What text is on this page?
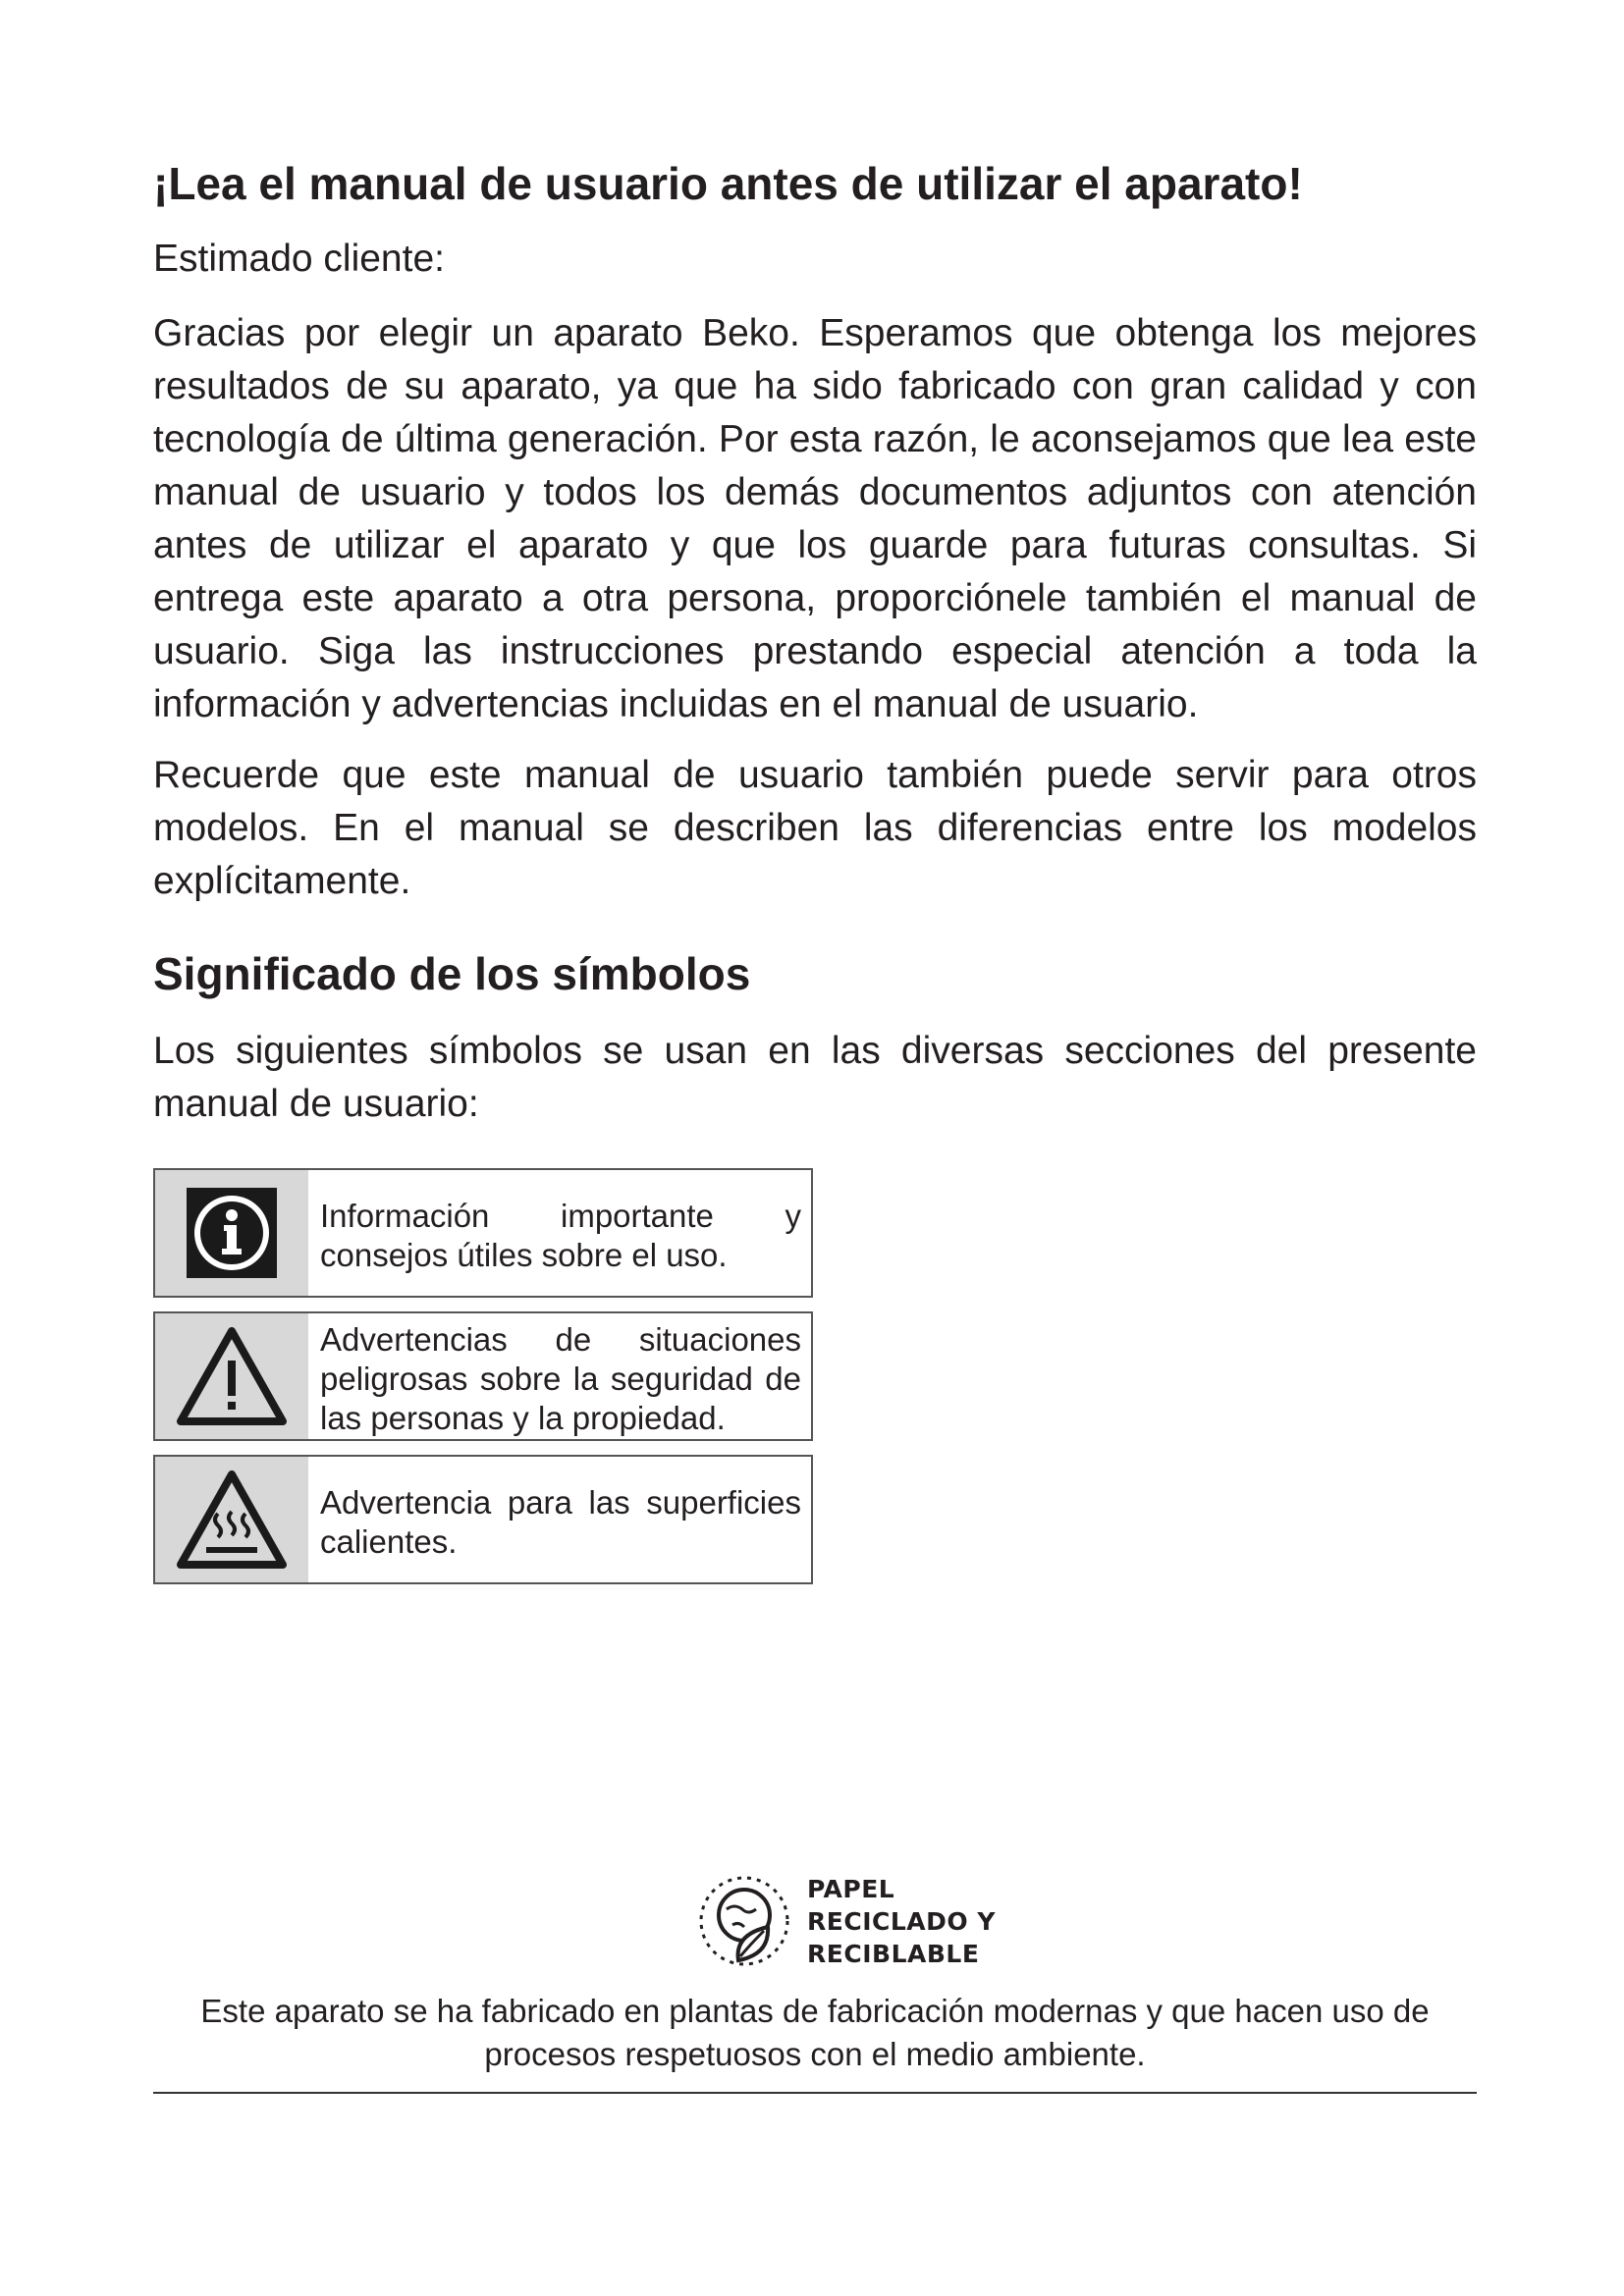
¡Lea el manual de usuario antes de utilizar el aparato!

Estimado cliente:

Gracias por elegir un aparato Beko. Esperamos que obtenga los mejores resultados de su aparato, ya que ha sido fabricado con gran calidad y con tecnología de última generación. Por esta razón, le aconsejamos que lea este manual de usuario y todos los demás documentos adjuntos con atención antes de utilizar el aparato y que los guarde para futuras consultas. Si entrega este aparato a otra persona, proporciónele también el manual de usuario. Siga las instrucciones prestando especial atención a toda la información y advertencias incluidas en el manual de usuario.

Recuerde que este manual de usuario también puede servir para otros modelos. En el manual se describen las diferencias entre los modelos explícitamente.

Significado de los símbolos

Los siguientes símbolos se usan en las diversas secciones del presente manual de usuario:

Información importante y consejos útiles sobre el uso.
Advertencias de situaciones peligrosas sobre la seguridad de las personas y la propiedad.
Advertencia para las superficies calientes.
PAPEL
RECICLADO Y
RECIBLABLE
Este aparato se ha fabricado en plantas de fabricación modernas y que hacen uso de procesos respetuosos con el medio ambiente.
